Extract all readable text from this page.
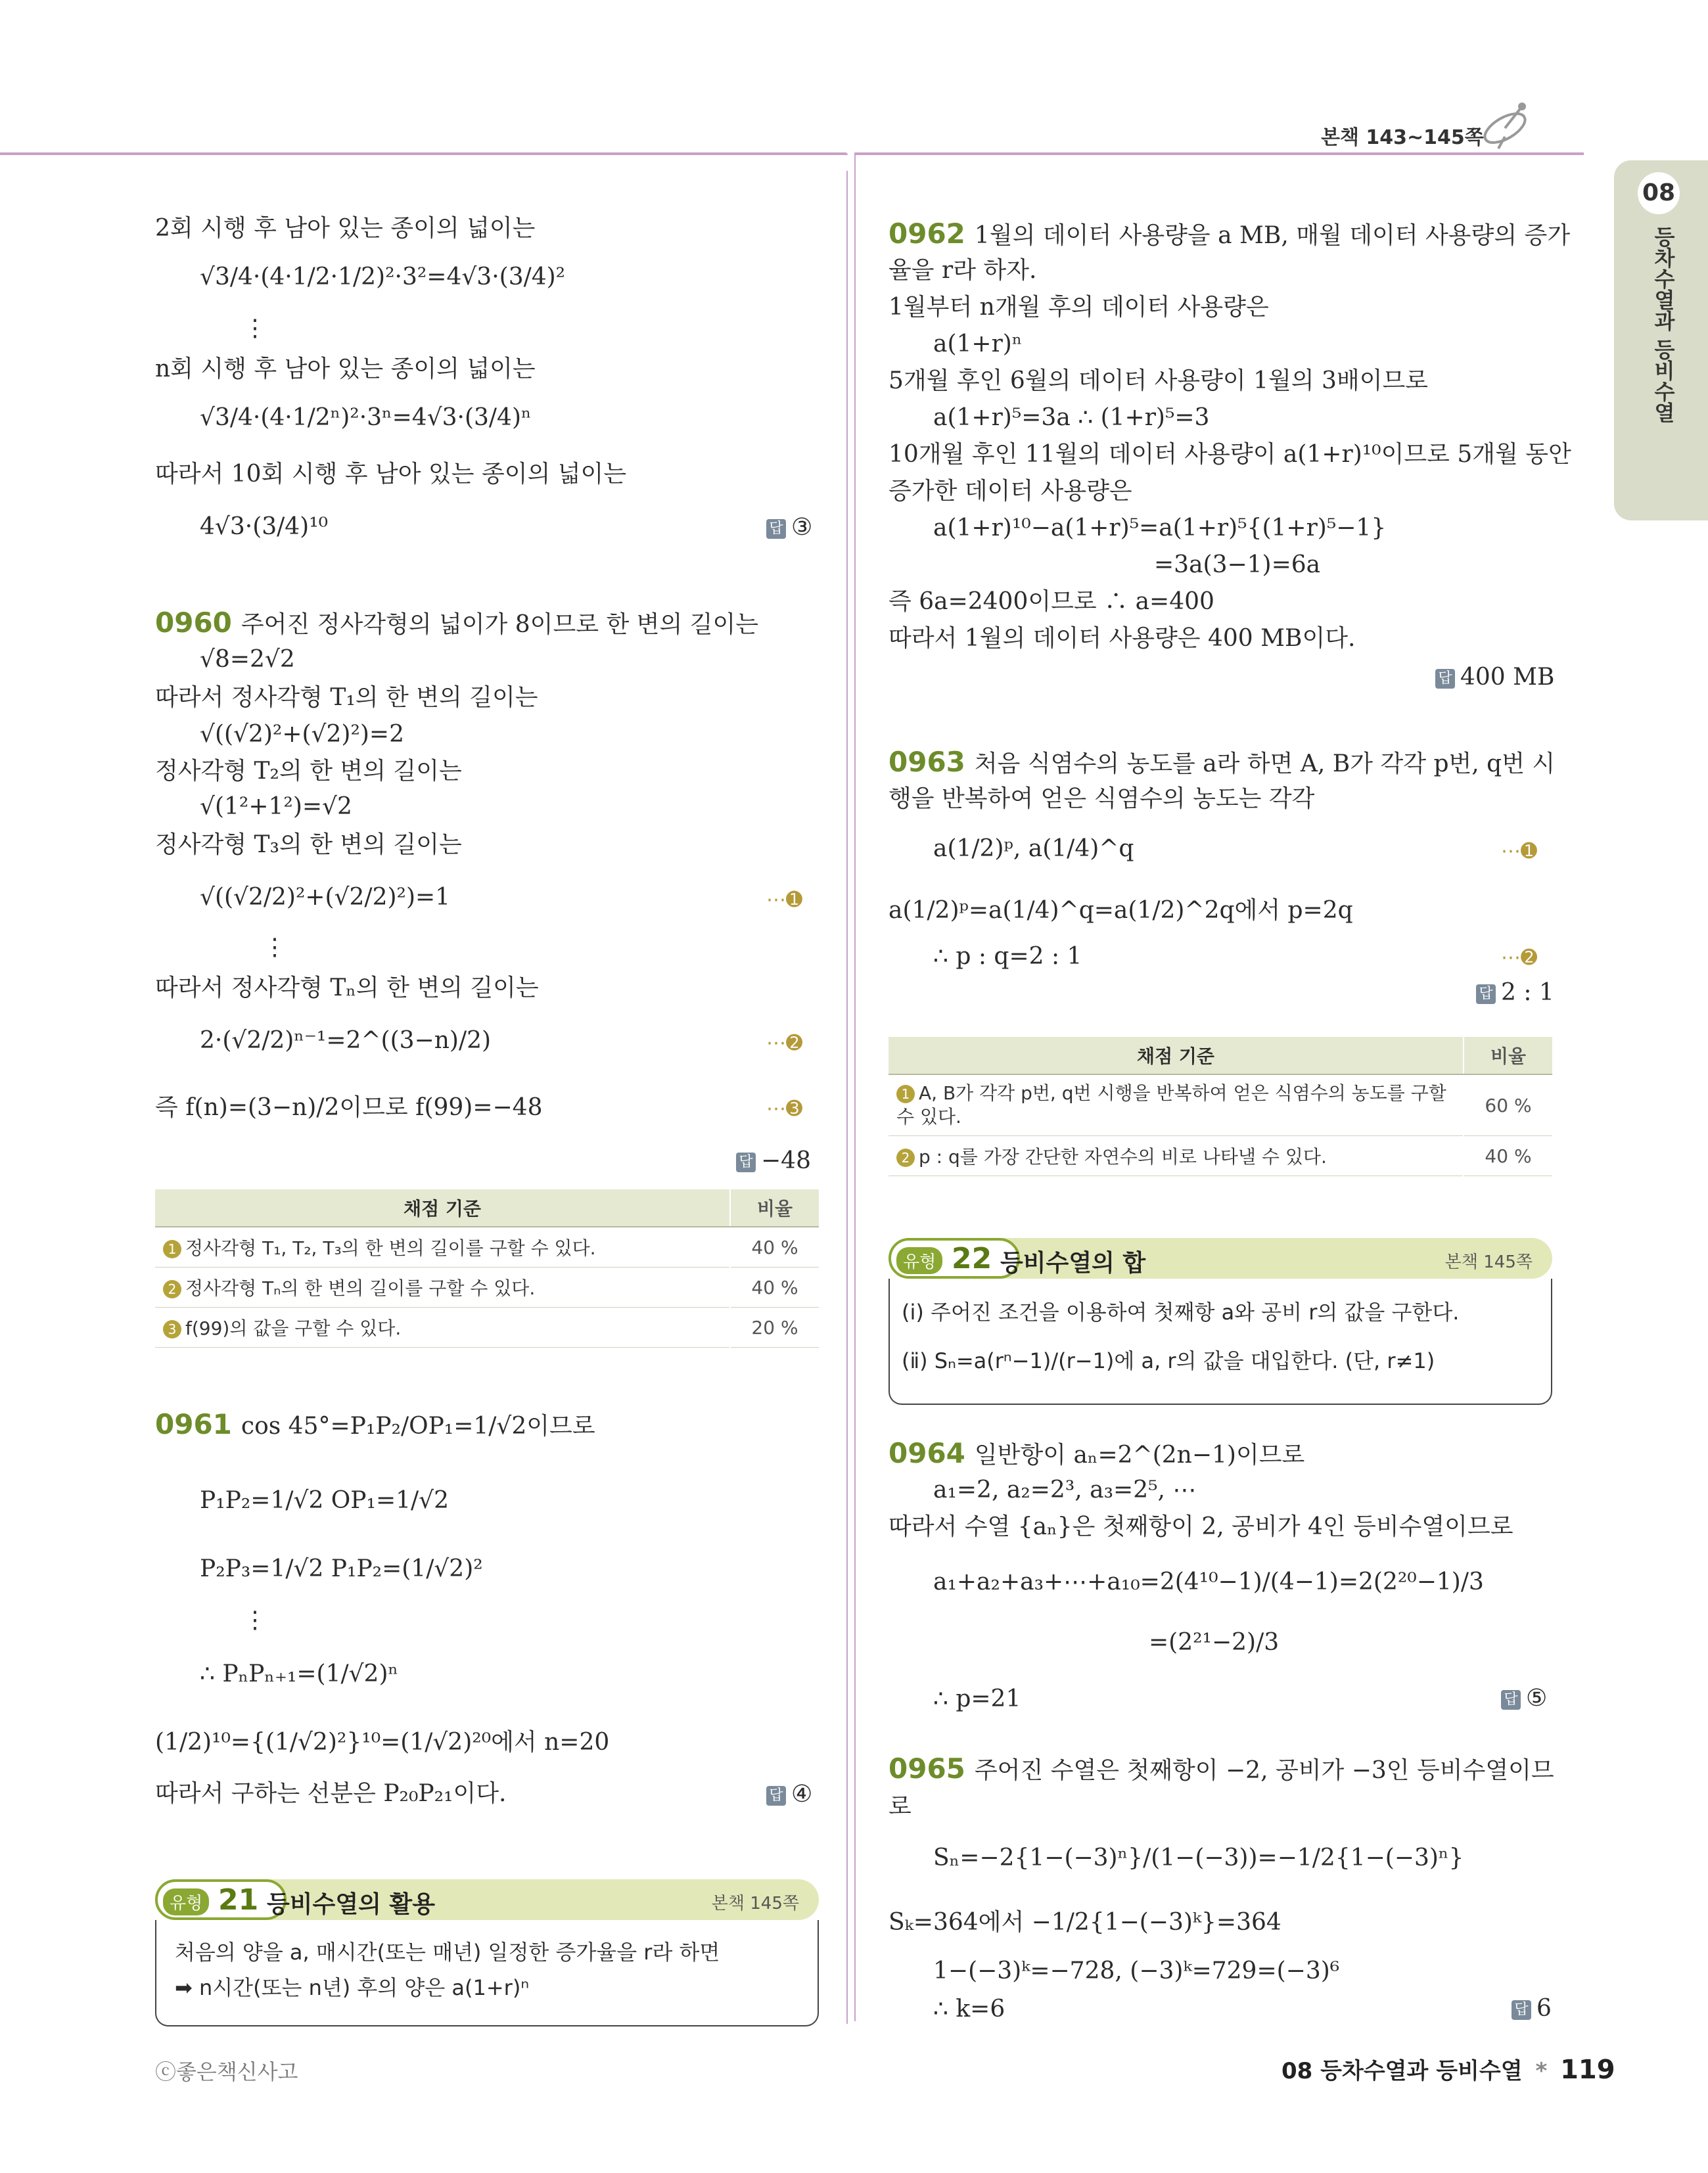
본책 143~145쪽
08
등차수열과 등비수열
2회 시행 후 남아 있는 종이의 넓이는
√3/4·(4·1/2·1/2)²·3²=4√3·(3/4)²
⋮
n회 시행 후 남아 있는 종이의 넓이는
√3/4·(4·1/2ⁿ)²·3ⁿ=4√3·(3/4)ⁿ
따라서 10회 시행 후 남아 있는 종이의 넓이는
4√3·(3/4)¹⁰	답 ③
0960 주어진 정사각형의 넓이가 8이므로 한 변의 길이는
√8=2√2
따라서 정사각형 T₁의 한 변의 길이는
√((√2)²+(√2)²)=2
정사각형 T₂의 한 변의 길이는
√(1²+1²)=√2
정사각형 T₃의 한 변의 길이는
√((√2/2)²+(√2/2)²)=1	⋯➊
⋮
따라서 정사각형 Tₙ의 한 변의 길이는
2·(√2/2)ⁿ⁻¹=2^((3−n)/2)	⋯➋
즉 f(n)=(3−n)/2이므로 f(99)=−48	⋯➌
답 −48
채점 기준	비율
1 정사각형 T₁, T₂, T₃의 한 변의 길이를 구할 수 있다.	40 %
2 정사각형 Tₙ의 한 변의 길이를 구할 수 있다.	40 %
3 f(99)의 값을 구할 수 있다.	20 %
0961 cos 45°=P₁P₂/OP₁=1/√2이므로
P₁P₂=1/√2 OP₁=1/√2
P₂P₃=1/√2 P₁P₂=(1/√2)²
⋮
∴ PₙPₙ₊₁=(1/√2)ⁿ
(1/2)¹⁰={(1/√2)²}¹⁰=(1/√2)²⁰에서 n=20
따라서 구하는 선분은 P₂₀P₂₁이다.	답 ④
유형 21 등비수열의 활용	본책 145쪽
처음의 양을 a, 매시간(또는 매년) 일정한 증가율을 r라 하면
➡ n시간(또는 n년) 후의 양은 a(1+r)ⁿ
ⓒ좋은책신사고
0962 1월의 데이터 사용량을 a MB, 매월 데이터 사용량의 증가
율을 r라 하자.
1월부터 n개월 후의 데이터 사용량은
a(1+r)ⁿ
5개월 후인 6월의 데이터 사용량이 1월의 3배이므로
a(1+r)⁵=3a ∴ (1+r)⁵=3
10개월 후인 11월의 데이터 사용량이 a(1+r)¹⁰이므로 5개월 동안
증가한 데이터 사용량은
a(1+r)¹⁰−a(1+r)⁵=a(1+r)⁵{(1+r)⁵−1}
=3a(3−1)=6a
즉 6a=2400이므로 ∴ a=400
따라서 1월의 데이터 사용량은 400 MB이다.
답 400 MB
0963 처음 식염수의 농도를 a라 하면 A, B가 각각 p번, q번 시
행을 반복하여 얻은 식염수의 농도는 각각
a(1/2)ᵖ, a(1/4)^q	⋯➊
a(1/2)ᵖ=a(1/4)^q=a(1/2)^2q에서 p=2q
∴ p : q=2 : 1	⋯➋
답 2 : 1
채점 기준	비율
1 A, B가 각각 p번, q번 시행을 반복하여 얻은 식염수의 농도를 구할 수 있다.	60 %
2 p : q를 가장 간단한 자연수의 비로 나타낼 수 있다.	40 %
유형 22 등비수열의 합	본책 145쪽
(ⅰ) 주어진 조건을 이용하여 첫째항 a와 공비 r의 값을 구한다.
(ⅱ) Sₙ=a(rⁿ−1)/(r−1)에 a, r의 값을 대입한다. (단, r≠1)
0964 일반항이 aₙ=2^(2n−1)이므로
a₁=2, a₂=2³, a₃=2⁵, ⋯
따라서 수열 {aₙ}은 첫째항이 2, 공비가 4인 등비수열이므로
a₁+a₂+a₃+⋯+a₁₀=2(4¹⁰−1)/(4−1)=2(2²⁰−1)/3
=(2²¹−2)/3
∴ p=21	답 ⑤
0965 주어진 수열은 첫째항이 −2, 공비가 −3인 등비수열이므
로
Sₙ=−2{1−(−3)ⁿ}/(1−(−3))=−1/2{1−(−3)ⁿ}
Sₖ=364에서 −1/2{1−(−3)ᵏ}=364
1−(−3)ᵏ=−728, (−3)ᵏ=729=(−3)⁶
∴ k=6	답 6
08 등차수열과 등비수열 * 119
